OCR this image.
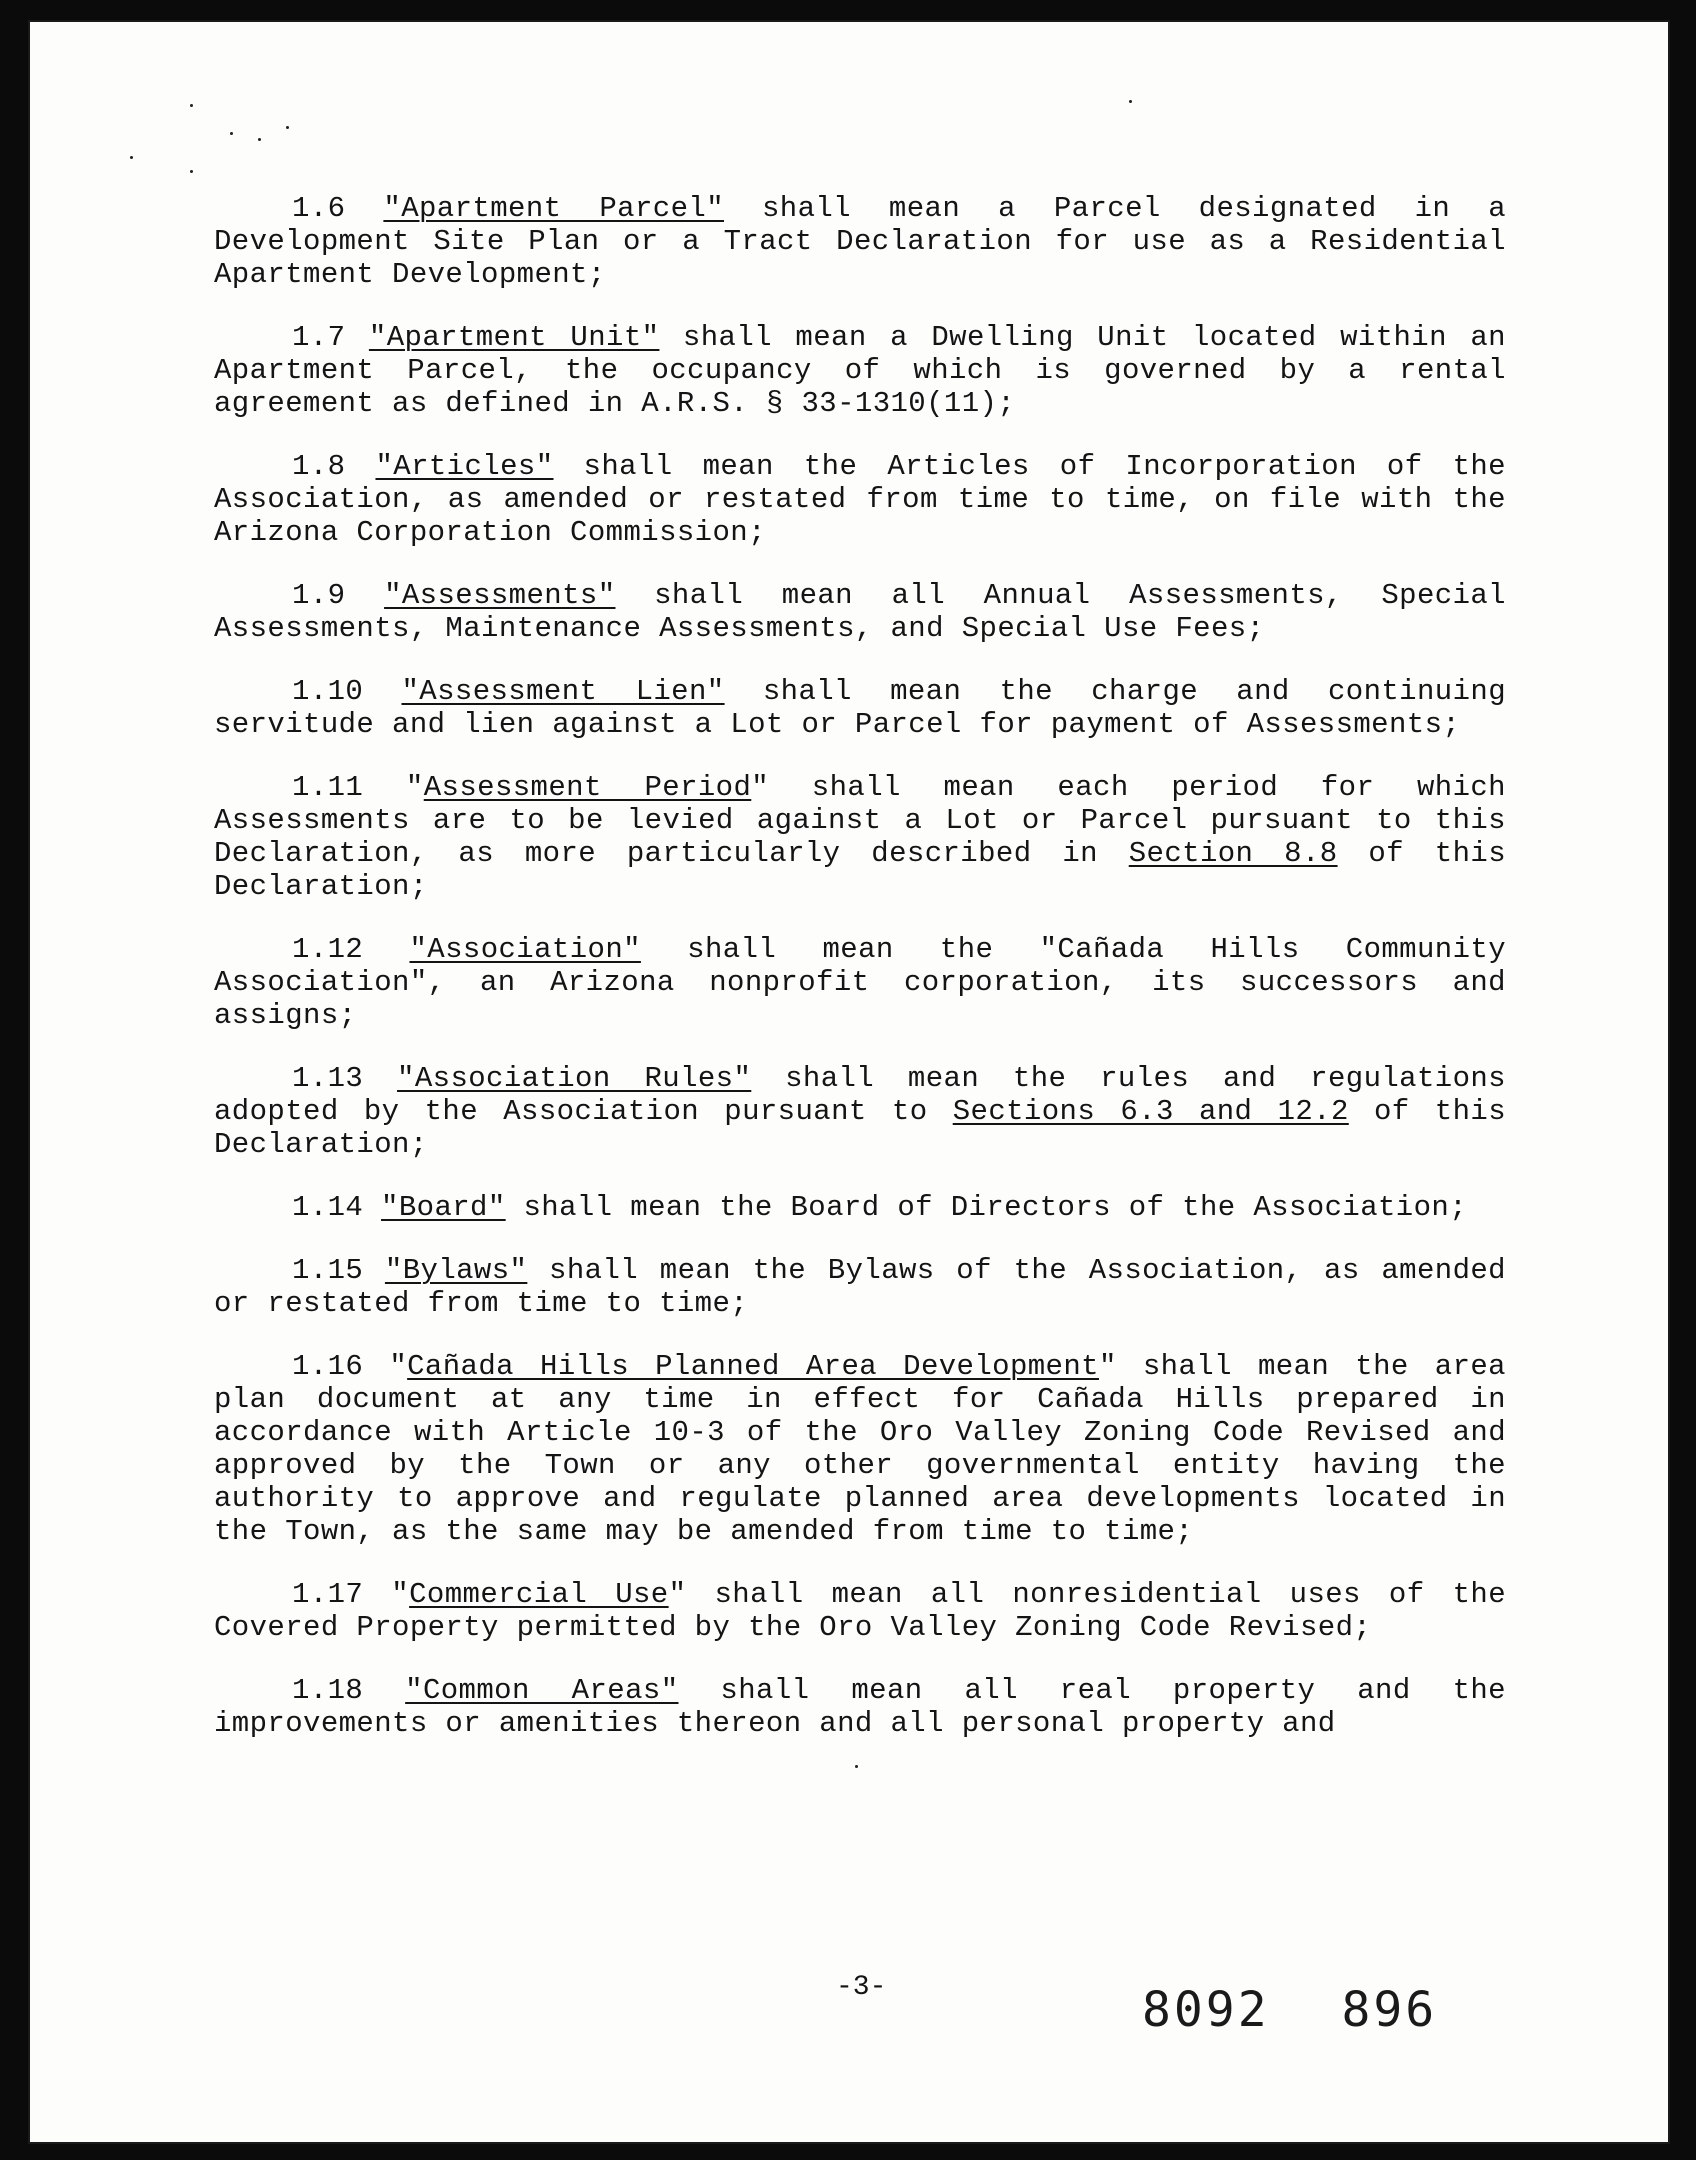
1.6 "Apartment Parcel" shall mean a Parcel designated in a Development Site Plan or a Tract Declaration for use as a Residential Apartment Development;

1.7 "Apartment Unit" shall mean a Dwelling Unit located within an Apartment Parcel, the occupancy of which is governed by a rental agreement as defined in A.R.S. § 33-1310(11);

1.8 "Articles" shall mean the Articles of Incorporation of the Association, as amended or restated from time to time, on file with the Arizona Corporation Commission;

1.9 "Assessments" shall mean all Annual Assessments, Special Assessments, Maintenance Assessments, and Special Use Fees;

1.10 "Assessment Lien" shall mean the charge and continuing servitude and lien against a Lot or Parcel for payment of Assessments;

1.11 "Assessment Period" shall mean each period for which Assessments are to be levied against a Lot or Parcel pursuant to this Declaration, as more particularly described in Section 8.8 of this Declaration;

1.12 "Association" shall mean the "Cañada Hills Community Association", an Arizona nonprofit corporation, its successors and assigns;

1.13 "Association Rules" shall mean the rules and regulations adopted by the Association pursuant to Sections 6.3 and 12.2 of this Declaration;

1.14 "Board" shall mean the Board of Directors of the Association;

1.15 "Bylaws" shall mean the Bylaws of the Association, as amended or restated from time to time;

1.16 "Cañada Hills Planned Area Development" shall mean the area plan document at any time in effect for Cañada Hills prepared in accordance with Article 10-3 of the Oro Valley Zoning Code Revised and approved by the Town or any other governmental entity having the authority to approve and regulate planned area developments located in the Town, as the same may be amended from time to time;

1.17 "Commercial Use" shall mean all nonresidential uses of the Covered Property permitted by the Oro Valley Zoning Code Revised;

1.18 "Common Areas" shall mean all real property and the improvements or amenities thereon and all personal property and

-3-	8092 896
